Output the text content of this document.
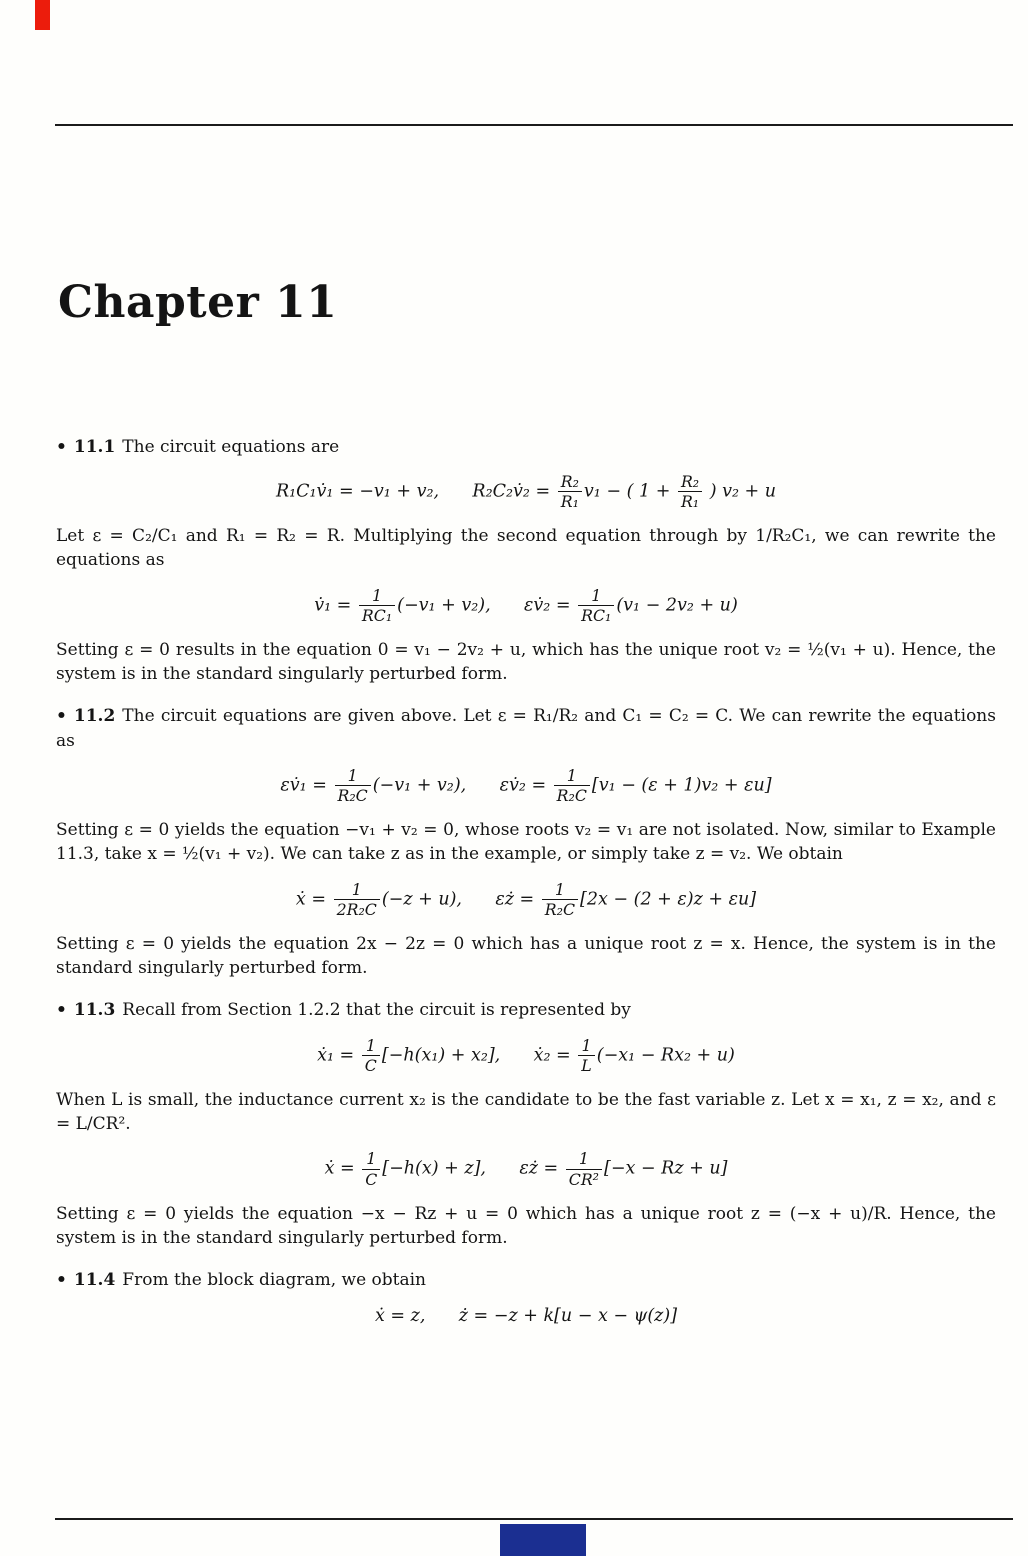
Chapter 11

• 11.1 The circuit equations are

R₁C₁v̇₁ = −v₁ + v₂,      R₂C₂v̇₂ = $\frac{\text{R₂}}{\text{R₁}} v_1$ − ( $1 + \frac{\text{R₂}}{\text{R₁}}$ ) v₂ + u

Let ε = C₂/C₁ and R₁ = R₂ = R. Multiplying the second equation through by 1/R₂C₁, we can rewrite the equations as

v̇₁ = $\frac{1}{\text{RC₁}} (-v_1 + v_2)$,      εv̇₂ = $\frac{1}{\text{RC₁}} (v_1 - 2v_2 + u)$

Setting ε = 0 results in the equation 0 = v₁ − 2v₂ + u, which has the unique root v₂ = ½(v₁ + u). Hence, the system is in the standard singularly perturbed form.

• 11.2 The circuit equations are given above. Let ε = R₁/R₂ and C₁ = C₂ = C. We can rewrite the equations as

εv̇₁ = $\frac{1}{\text{R₂C}} (-v_1 + v_2)$,      εv̇₂ = $\frac{1}{\text{R₂C}} [v_1 - (\varepsilon + 1)v_2 + \varepsilon u]$

Setting ε = 0 yields the equation −v₁ + v₂ = 0, whose roots v₂ = v₁ are not isolated. Now, similar to Example 11.3, take x = ½(v₁ + v₂). We can take z as in the example, or simply take z = v₂. We obtain

ẋ = $\frac{1}{\text{2R₂C}} (-z + u)$,      εż = $\frac{1}{\text{R₂C}} [2x - (2 + \varepsilon)z + \varepsilon u]$

Setting ε = 0 yields the equation 2x − 2z = 0 which has a unique root z = x. Hence, the system is in the standard singularly perturbed form.

• 11.3 Recall from Section 1.2.2 that the circuit is represented by

ẋ₁ = $\frac{1}{C} [-h(x_1) + x_2]$,      ẋ₂ = $\frac{1}{L} (-x_1 - Rx_2 + u)$

When L is small, the inductance current x₂ is the candidate to be the fast variable z. Let x = x₁, z = x₂, and ε = L/CR².

ẋ = $\frac{1}{C} [-h(x) + z]$,      εż = $\frac{1}{\text{CR²}} [-x - Rz + u]$

Setting ε = 0 yields the equation −x − Rz + u = 0 which has a unique root z = (−x + u)/R. Hence, the system is in the standard singularly perturbed form.

• 11.4 From the block diagram, we obtain

ẋ = z,      ż = −z + k[u − x − ψ(z)]
